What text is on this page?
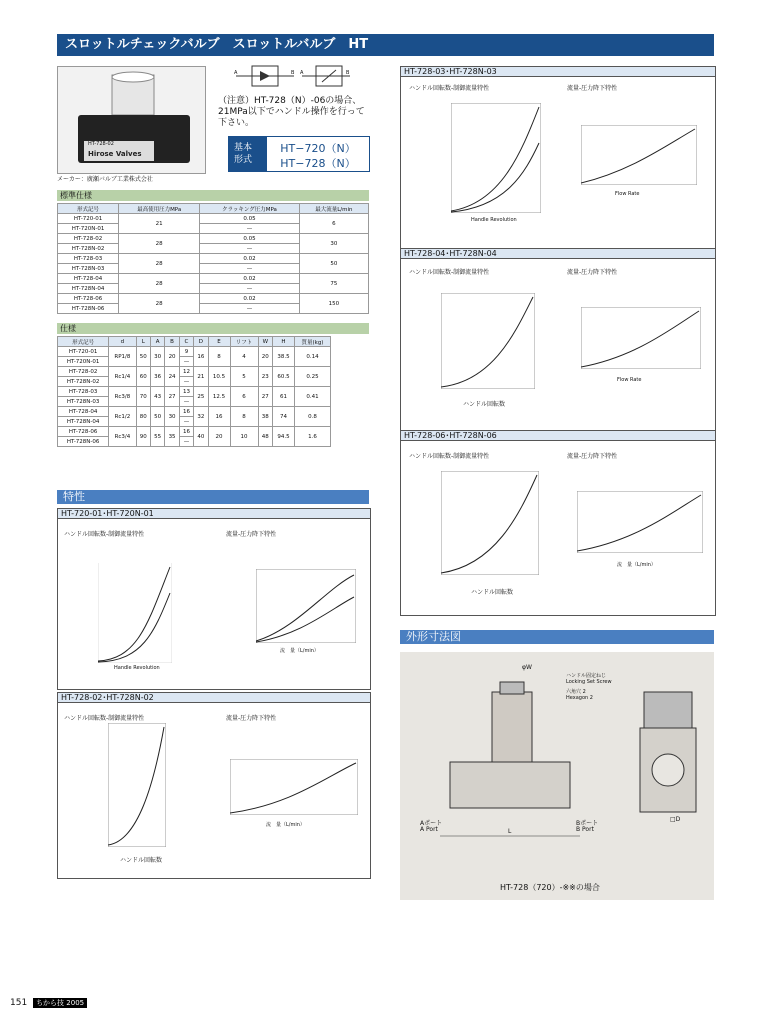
スロットルチェックバルブ　スロットルバルブ　HT
HT-728-02
Hirose Valves
メーカー：廣瀬バルブ工業株式会社
A	B A	B
（注意）HT-728（N）-06の場合、21MPa以下でハンドル操作を行って下さい。
基本
形式
HT−720（N）
HT−728（N）
標準仕様
形式記号	最高使用圧力MPa	クラッキング圧力MPa	最大流量L/min
HT-720-01	21	0.05	6
HT-720N-01		—	
HT-728-02	28	0.05	30
HT-728N-02		—	
HT-728-03	28	0.02	50
HT-728N-03		—	
HT-728-04	28	0.02	75
HT-728N-04		—	
HT-728-06	28	0.02	150
HT-728N-06		—	
仕様
形式記号	d	L	A	B	C	D	E	リフト	W	H	質量(kg)
HT-720-01	RP1/8	50	30	20	9	16	8	4	20	38.5	0.14
HT-720N-01					—						
HT-728-02	Rc1/4	60	36	24	12	21	10.5	5	23	60.5	0.25
HT-728N-02					—						
HT-728-03	Rc3/8	70	43	27	13	25	12.5	6	27	61	0.41
HT-728N-03					—						
HT-728-04	Rc1/2	80	50	30	16	32	16	8	38	74	0.8
HT-728N-04					—						
HT-728-06	Rc3/4	90	55	35	16	40	20	10	48	94.5	1.6
HT-728N-06					—						
特性
HT-720-01･HT-720N-01
ハンドル回転数-制御流量特性	流量-圧力降下特性
Handle Revolution
流　量（L/min）
HT-728-02･HT-728N-02
ハンドル回転数-制御流量特性	流量-圧力降下特性
ハンドル回転数
流　量（L/min）
HT-728-03･HT-728N-03
ハンドル回転数-制御流量特性	流量-圧力降下特性
Handle Revolution
Flow Rate
HT-728-04･HT-728N-04
ハンドル回転数-制御流量特性	流量-圧力降下特性
ハンドル回転数
Flow Rate
HT-728-06･HT-728N-06
ハンドル回転数-制御流量特性	流量-圧力降下特性
ハンドル回転数
流　量（L/min）
外形寸法図
φW
ハンドル固定ねじ
Locking Set Screw
六角穴 2
Hexagon 2
Aポート
A Port
Bポート
B Port
L
□D
HT-728（720）-※※の場合
151 ちから技 2005
